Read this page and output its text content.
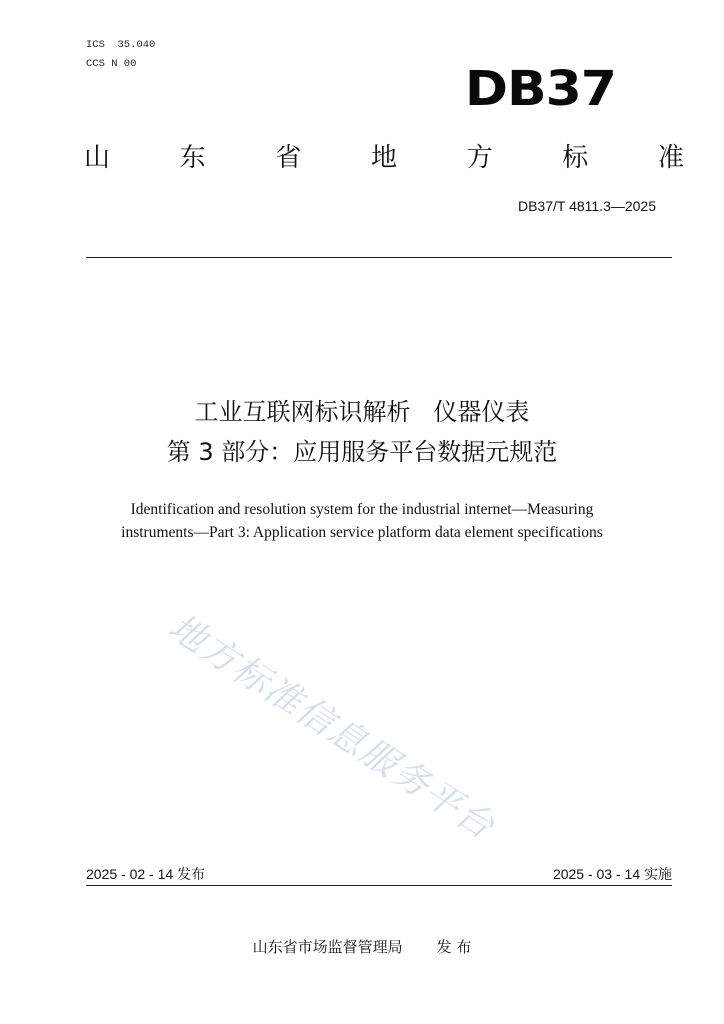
ICS  35.040
CCS N 00	DB37
山	东	省	地	方	标	准
DB37/T 4811.3—2025
工业互联网标识解析   仪器仪表
第 3 部分：应用服务平台数据元规范
Identification and resolution system for the industrial internet—Measuring
instruments—Part 3: Application service platform data element specifications
地方标准信息服务平台
2025 - 02 - 14 发布	2025 - 03 - 14 实施
山东省市场监督管理局 发 布
